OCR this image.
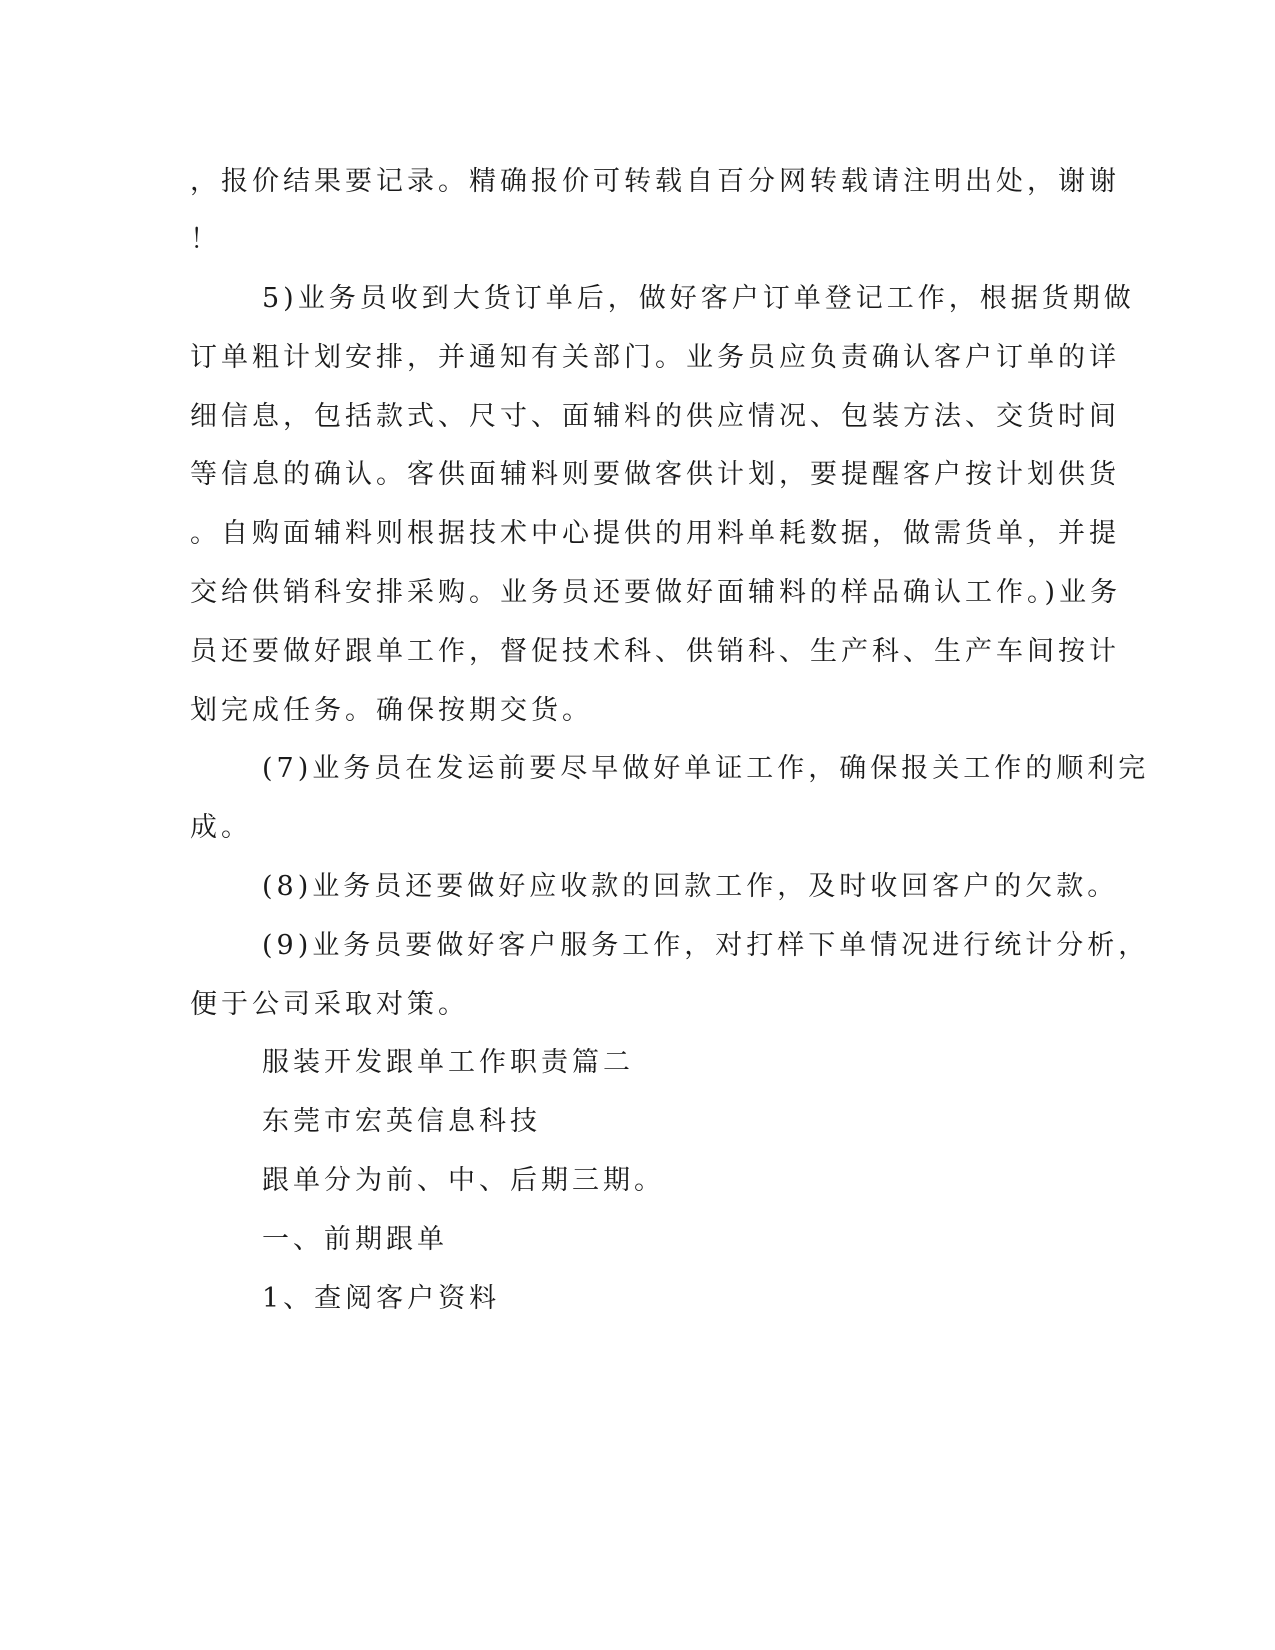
，报价结果要记录。精确报价可转载自百分网转载请注明出处，谢谢
！
5)业务员收到大货订单后，做好客户订单登记工作，根据货期做
订单粗计划安排，并通知有关部门。业务员应负责确认客户订单的详
细信息，包括款式、尺寸、面辅料的供应情况、包装方法、交货时间
等信息的确认。客供面辅料则要做客供计划，要提醒客户按计划供货
。自购面辅料则根据技术中心提供的用料单耗数据，做需货单，并提
交给供销科安排采购。业务员还要做好面辅料的样品确认工作。)业务
员还要做好跟单工作，督促技术科、供销科、生产科、生产车间按计
划完成任务。确保按期交货。
(7)业务员在发运前要尽早做好单证工作，确保报关工作的顺利完
成。
(8)业务员还要做好应收款的回款工作，及时收回客户的欠款。
(9)业务员要做好客户服务工作，对打样下单情况进行统计分析，
便于公司采取对策。
服装开发跟单工作职责篇二
东莞市宏英信息科技
跟单分为前、中、后期三期。
一、前期跟单
1、查阅客户资料
